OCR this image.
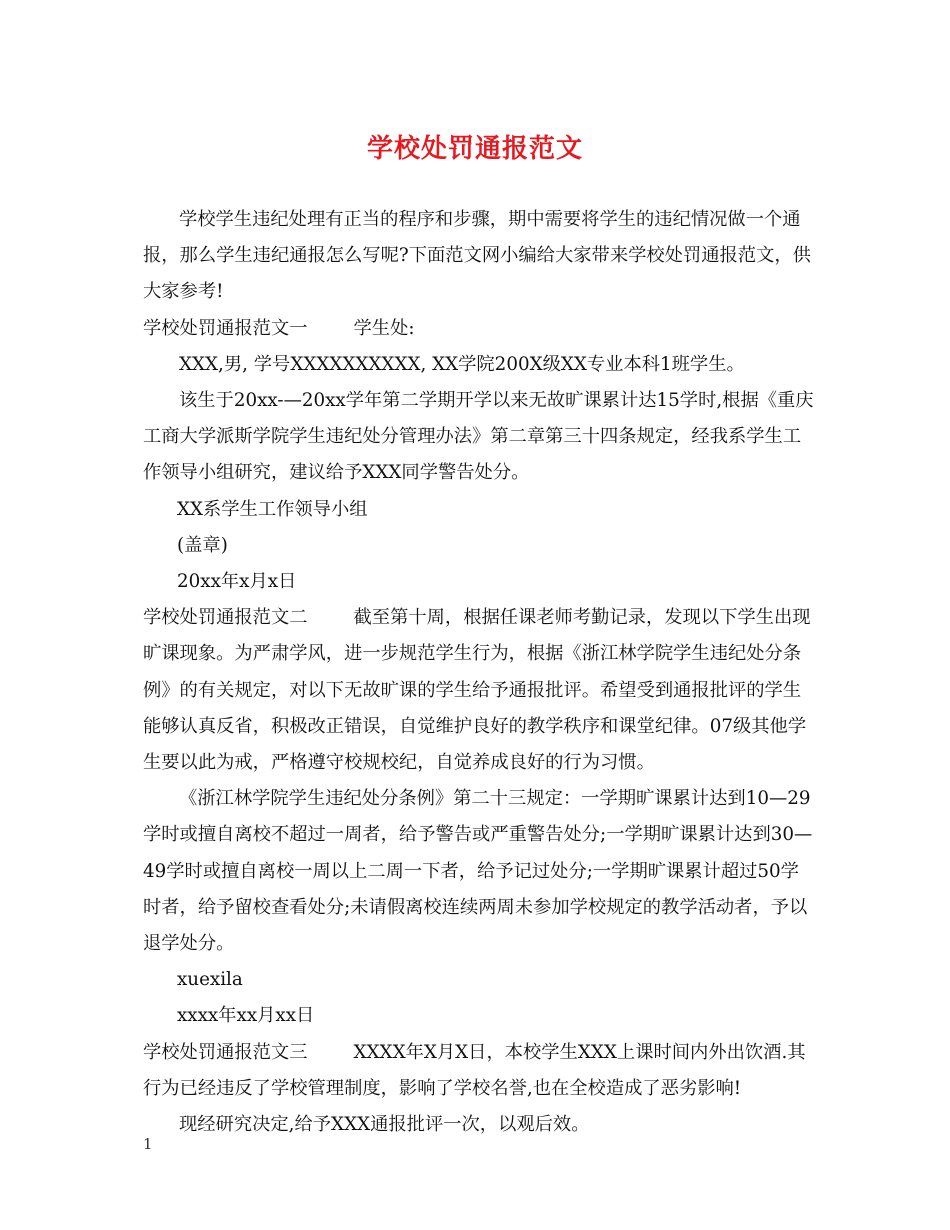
学校处罚通报范文

学校学生违纪处理有正当的程序和步骤，期中需要将学生的违纪情况做一个通报，那么学生违纪通报怎么写呢?下面范文网小编给大家带来学校处罚通报范文，供大家参考!

学校处罚通报范文一	学生处:

XXX,男, 学号XXXXXXXXXX, XX学院200X级XX专业本科1班学生。

该生于20xx-—20xx学年第二学期开学以来无故旷课累计达15学时,根据《重庆工商大学派斯学院学生违纪处分管理办法》第二章第三十四条规定，经我系学生工作领导小组研究，建议给予XXX同学警告处分。

XX系学生工作领导小组

(盖章)

20xx年x月x日

学校处罚通报范文二	截至第十周，根据任课老师考勤记录，发现以下学生出现旷课现象。为严肃学风，进一步规范学生行为，根据《浙江林学院学生违纪处分条例》的有关规定，对以下无故旷课的学生给予通报批评。希望受到通报批评的学生能够认真反省，积极改正错误，自觉维护良好的教学秩序和课堂纪律。07级其他学生要以此为戒，严格遵守校规校纪，自觉养成良好的行为习惯。

《浙江林学院学生违纪处分条例》第二十三规定：一学期旷课累计达到10—29学时或擅自离校不超过一周者，给予警告或严重警告处分;一学期旷课累计达到30—49学时或擅自离校一周以上二周一下者，给予记过处分;一学期旷课累计超过50学时者，给予留校查看处分;未请假离校连续两周未参加学校规定的教学活动者，予以退学处分。

xuexila

xxxx年xx月xx日

学校处罚通报范文三	XXXX年X月X日，本校学生XXX上课时间内外出饮酒.其行为已经违反了学校管理制度，影响了学校名誉,也在全校造成了恶劣影响!

现经研究决定,给予XXX通报批评一次，以观后效。

1
